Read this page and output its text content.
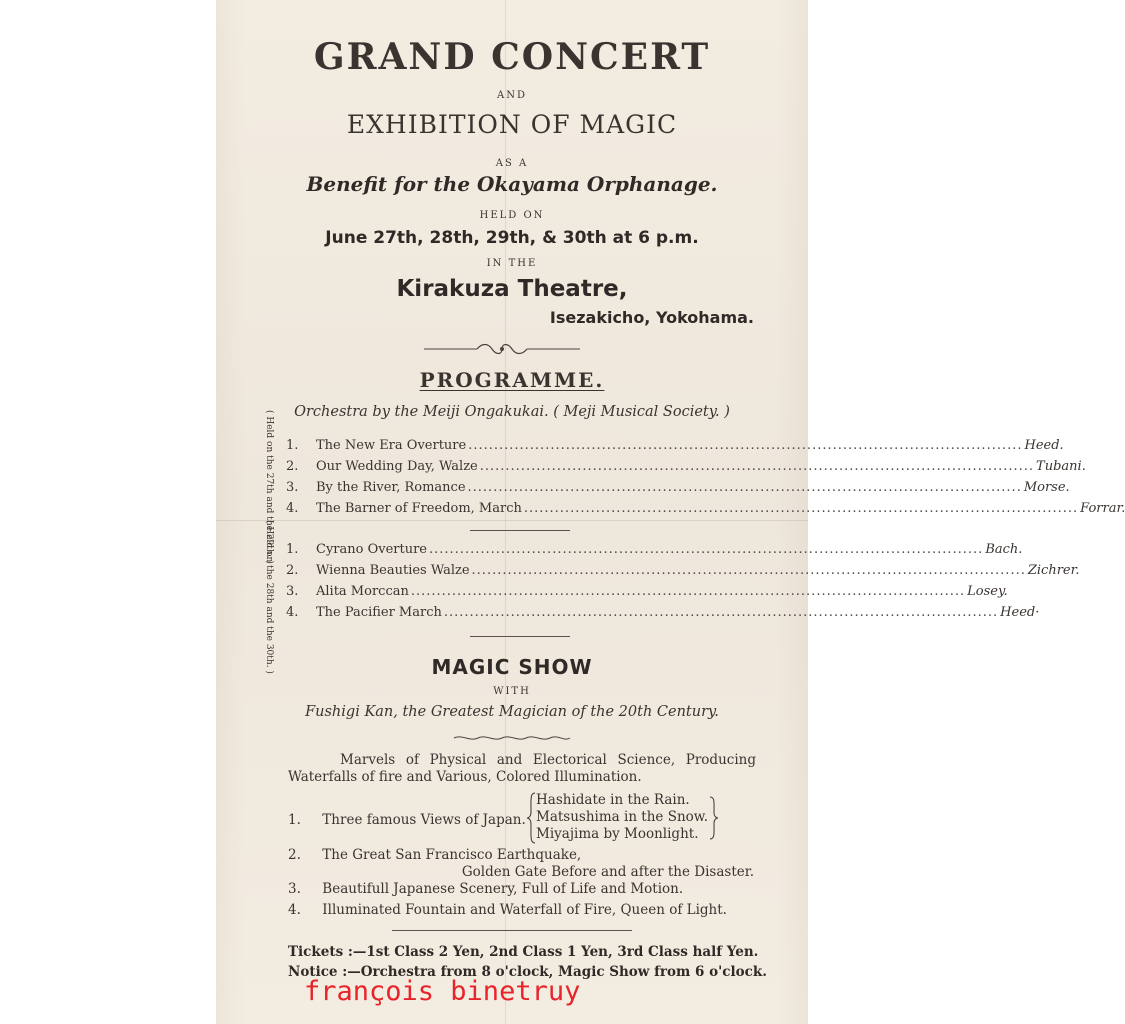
GRAND CONCERT
AND
EXHIBITION OF MAGIC
AS A
Benefit for the Okayama Orphanage.
HELD ON
June 27th, 28th, 29th, & 30th at 6 p.m.
IN THE
Kirakuza Theatre,
Isezakicho, Yokohama.
PROGRAMME.
Orchestra by the Meiji Ongakukai. ( Meji Musical Society. )
( Held on the 27th and the 29th. ) 1.	The New Era Overture ............................................................................................................ Heed.
2.	Our Wedding Day, Walze ............................................................................................................ Tubani.
3.	By the River, Romance ............................................................................................................ Morse.
4.	The Barner of Freedom, March ............................................................................................................ Forrar.
( Held on the 28th and the 30th. ) 1.	Cyrano Overture ............................................................................................................ Bach.
2.	Wienna Beauties Walze ............................................................................................................ Zichrer.
3.	Alita Morccan ............................................................................................................ Losey.
4.	The Pacifier March ............................................................................................................ Heed·
MAGIC SHOW
WITH
Fushigi Kan, the Greatest Magician of the 20th Century.
Marvels of Physical and Electorical Science, Producing Waterfalls of fire and Various, Colored Illumination.
1. Three famous Views of Japan.
Hashidate in the Rain.
Matsushima in the Snow.
Miyajima by Moonlight.
2. The Great San Francisco Earthquake,
Golden Gate Before and after the Disaster.
3. Beautifull Japanese Scenery, Full of Life and Motion.
4. Illuminated Fountain and Waterfall of Fire, Queen of Light.
Tickets :—1st Class 2 Yen, 2nd Class 1 Yen, 3rd Class half Yen.
Notice :—Orchestra from 8 o'clock, Magic Show from 6 o'clock.
françois binetruy
